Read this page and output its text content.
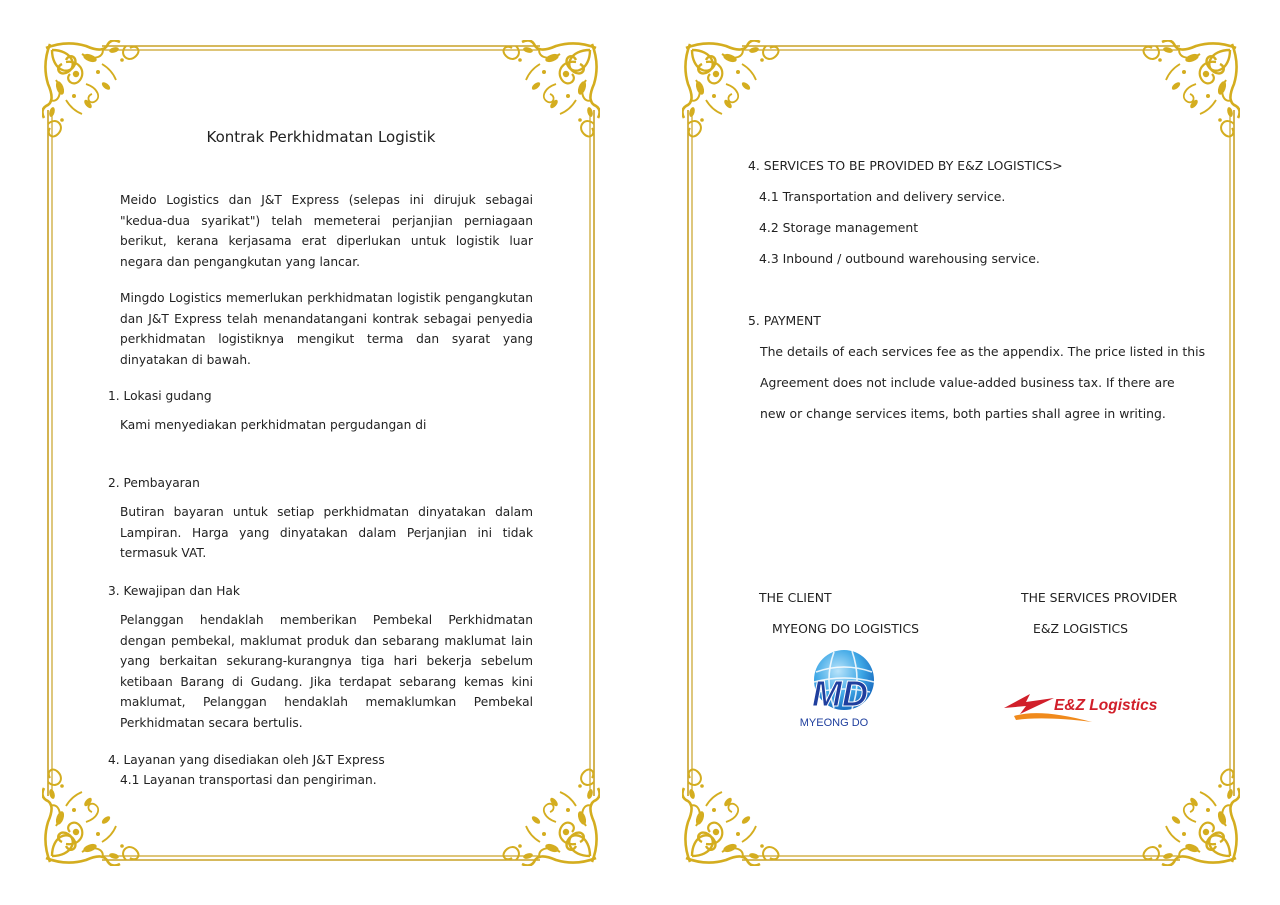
Kontrak Perkhidmatan Logistik

Meido Logistics dan J&T Express (selepas ini dirujuk sebagai "kedua-dua syarikat") telah memeterai perjanjian perniagaan berikut, kerana kerjasama erat diperlukan untuk logistik luar negara dan pengangkutan yang lancar.

Mingdo Logistics memerlukan perkhidmatan logistik pengangkutan dan J&T Express telah menandatangani kontrak sebagai penyedia perkhidmatan logistiknya mengikut terma dan syarat yang dinyatakan di bawah.

1. Lokasi gudang

Kami menyediakan perkhidmatan pergudangan di

2. Pembayaran

Butiran bayaran untuk setiap perkhidmatan dinyatakan dalam Lampiran. Harga yang dinyatakan dalam Perjanjian ini tidak termasuk VAT.

3. Kewajipan dan Hak

Pelanggan hendaklah memberikan Pembekal Perkhidmatan dengan pembekal, maklumat produk dan sebarang maklumat lain yang berkaitan sekurang-kurangnya tiga hari bekerja sebelum ketibaan Barang di Gudang. Jika terdapat sebarang kemas kini maklumat, Pelanggan hendaklah memaklumkan Pembekal Perkhidmatan secara bertulis.

4. Layanan yang disediakan oleh J&T Express

4.1 Layanan transportasi dan pengiriman.

4. SERVICES TO BE PROVIDED BY E&Z LOGISTICS>

4.1 Transportation and delivery service.

4.2 Storage management

4.3 Inbound / outbound warehousing service.

5. PAYMENT

The details of each services fee as the appendix. The price listed in this

Agreement does not include value-added business tax. If there are

new or change services items, both parties shall agree in writing.

THE CLIENT

MYEONG DO LOGISTICS

THE SERVICES PROVIDER

E&Z LOGISTICS

MD
MYEONG DO
E&Z Logistics
